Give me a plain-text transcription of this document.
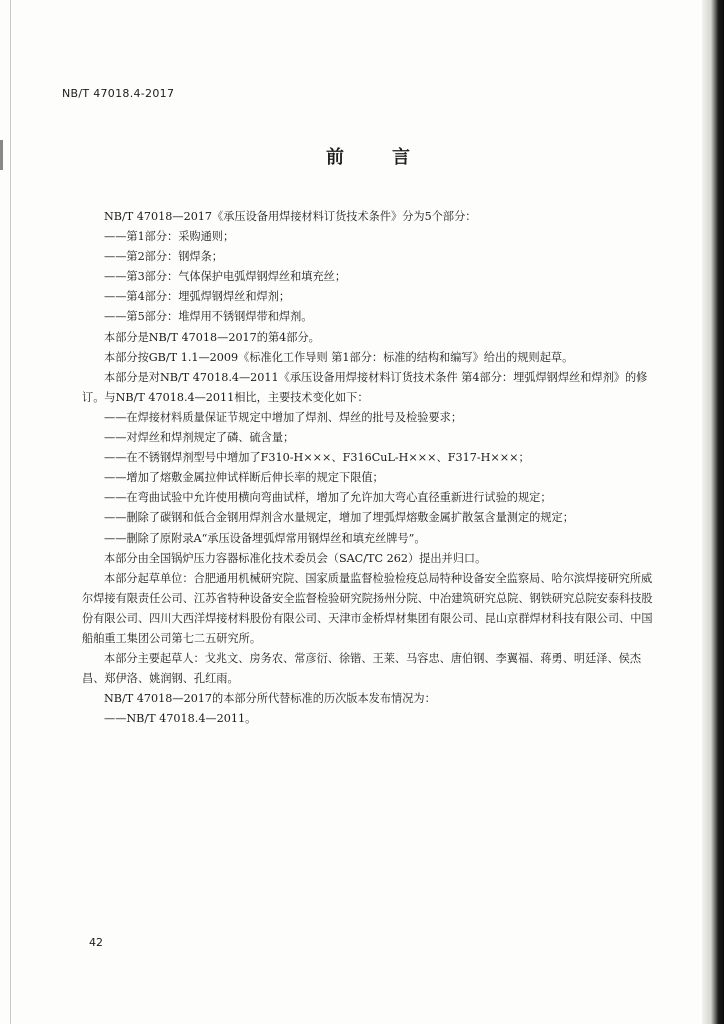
NB/T 47018.4-2017
前言

NB/T 47018—2017《承压设备用焊接材料订货技术条件》分为5个部分：

——第1部分：采购通则；

——第2部分：钢焊条；

——第3部分：气体保护电弧焊钢焊丝和填充丝；

——第4部分：埋弧焊钢焊丝和焊剂；

——第5部分：堆焊用不锈钢焊带和焊剂。

本部分是NB/T 47018—2017的第4部分。

本部分按GB/T 1.1—2009《标准化工作导则 第1部分：标准的结构和编写》给出的规则起草。

本部分是对NB/T 47018.4—2011《承压设备用焊接材料订货技术条件 第4部分：埋弧焊钢焊丝和焊剂》的修订。与NB/T 47018.4—2011相比，主要技术变化如下：

——在焊接材料质量保证节规定中增加了焊剂、焊丝的批号及检验要求；

——对焊丝和焊剂规定了磷、硫含量；

——在不锈钢焊剂型号中增加了F310-H×××、F316CuL-H×××、F317-H×××；

——增加了熔敷金属拉伸试样断后伸长率的规定下限值；

——在弯曲试验中允许使用横向弯曲试样，增加了允许加大弯心直径重新进行试验的规定；

——删除了碳钢和低合金钢用焊剂含水量规定，增加了埋弧焊熔敷金属扩散氢含量测定的规定；

——删除了原附录A“承压设备埋弧焊常用钢焊丝和填充丝牌号”。

本部分由全国锅炉压力容器标准化技术委员会（SAC/TC 262）提出并归口。

本部分起草单位：合肥通用机械研究院、国家质量监督检验检疫总局特种设备安全监察局、哈尔滨焊接研究所威尔焊接有限责任公司、江苏省特种设备安全监督检验研究院扬州分院、中冶建筑研究总院、钢铁研究总院安泰科技股份有限公司、四川大西洋焊接材料股份有限公司、天津市金桥焊材集团有限公司、昆山京群焊材科技有限公司、中国船舶重工集团公司第七二五研究所。

本部分主要起草人：戈兆文、房务农、常彦衍、徐锴、王莱、马容忠、唐伯钢、李翼福、蒋勇、明廷泽、侯杰昌、郑伊洛、姚润钢、孔红雨。

NB/T 47018—2017的本部分所代替标准的历次版本发布情况为：

——NB/T 47018.4—2011。

42
